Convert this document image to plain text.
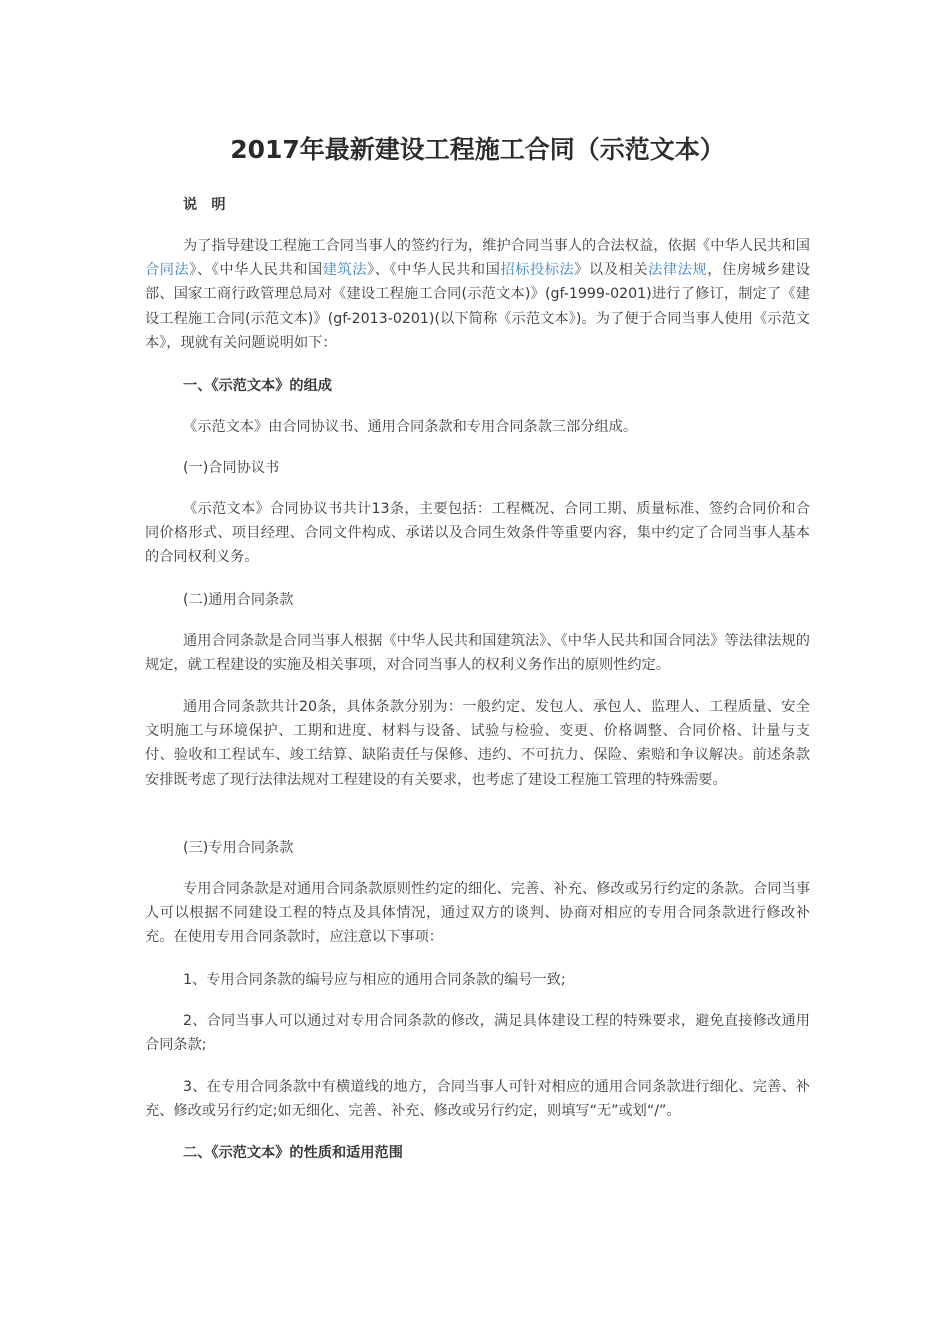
2017年最新建设工程施工合同（示范文本）
说　明
为了指导建设工程施工合同当事人的签约行为，维护合同当事人的合法权益，依据《中华人民共和国合同法》、《中华人民共和国建筑法》、《中华人民共和国招标投标法》以及相关法律法规，住房城乡建设部、国家工商行政管理总局对《建设工程施工合同(示范文本)》(gf-1999-0201)进行了修订，制定了《建设工程施工合同(示范文本)》(gf-2013-0201)(以下简称《示范文本》)。为了便于合同当事人使用《示范文本》，现就有关问题说明如下：
一、《示范文本》的组成
《示范文本》由合同协议书、通用合同条款和专用合同条款三部分组成。
(一)合同协议书
《示范文本》合同协议书共计13条，主要包括：工程概况、合同工期、质量标准、签约合同价和合同价格形式、项目经理、合同文件构成、承诺以及合同生效条件等重要内容，集中约定了合同当事人基本的合同权利义务。
(二)通用合同条款
通用合同条款是合同当事人根据《中华人民共和国建筑法》、《中华人民共和国合同法》等法律法规的规定，就工程建设的实施及相关事项，对合同当事人的权利义务作出的原则性约定。
通用合同条款共计20条，具体条款分别为：一般约定、发包人、承包人、监理人、工程质量、安全文明施工与环境保护、工期和进度、材料与设备、试验与检验、变更、价格调整、合同价格、计量与支付、验收和工程试车、竣工结算、缺陷责任与保修、违约、不可抗力、保险、索赔和争议解决。前述条款安排既考虑了现行法律法规对工程建设的有关要求，也考虑了建设工程施工管理的特殊需要。
(三)专用合同条款
专用合同条款是对通用合同条款原则性约定的细化、完善、补充、修改或另行约定的条款。合同当事人可以根据不同建设工程的特点及具体情况，通过双方的谈判、协商对相应的专用合同条款进行修改补充。在使用专用合同条款时，应注意以下事项：
1、专用合同条款的编号应与相应的通用合同条款的编号一致;
2、合同当事人可以通过对专用合同条款的修改，满足具体建设工程的特殊要求，避免直接修改通用合同条款;
3、在专用合同条款中有横道线的地方，合同当事人可针对相应的通用合同条款进行细化、完善、补充、修改或另行约定;如无细化、完善、补充、修改或另行约定，则填写“无”或划“/”。
二、《示范文本》的性质和适用范围
